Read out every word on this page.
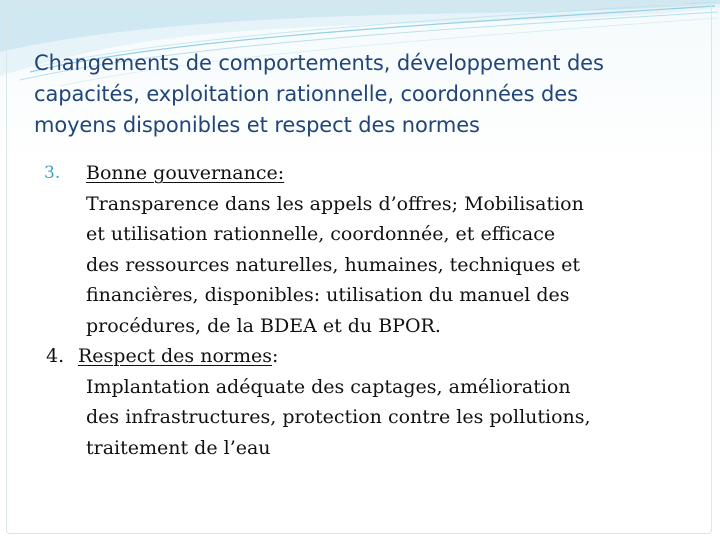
Changements de comportements, développement des
capacités, exploitation rationnelle, coordonnées des
moyens disponibles et respect des normes
3. Bonne gouvernance:
Transparence dans les appels d’offres; Mobilisation
et utilisation rationnelle, coordonnée, et efficace
des ressources naturelles, humaines, techniques et
financières, disponibles: utilisation du manuel des
procédures, de la BDEA et du BPOR.
4. Respect des normes :
Implantation adéquate des captages, amélioration
des infrastructures, protection contre les pollutions,
traitement de l’eau
